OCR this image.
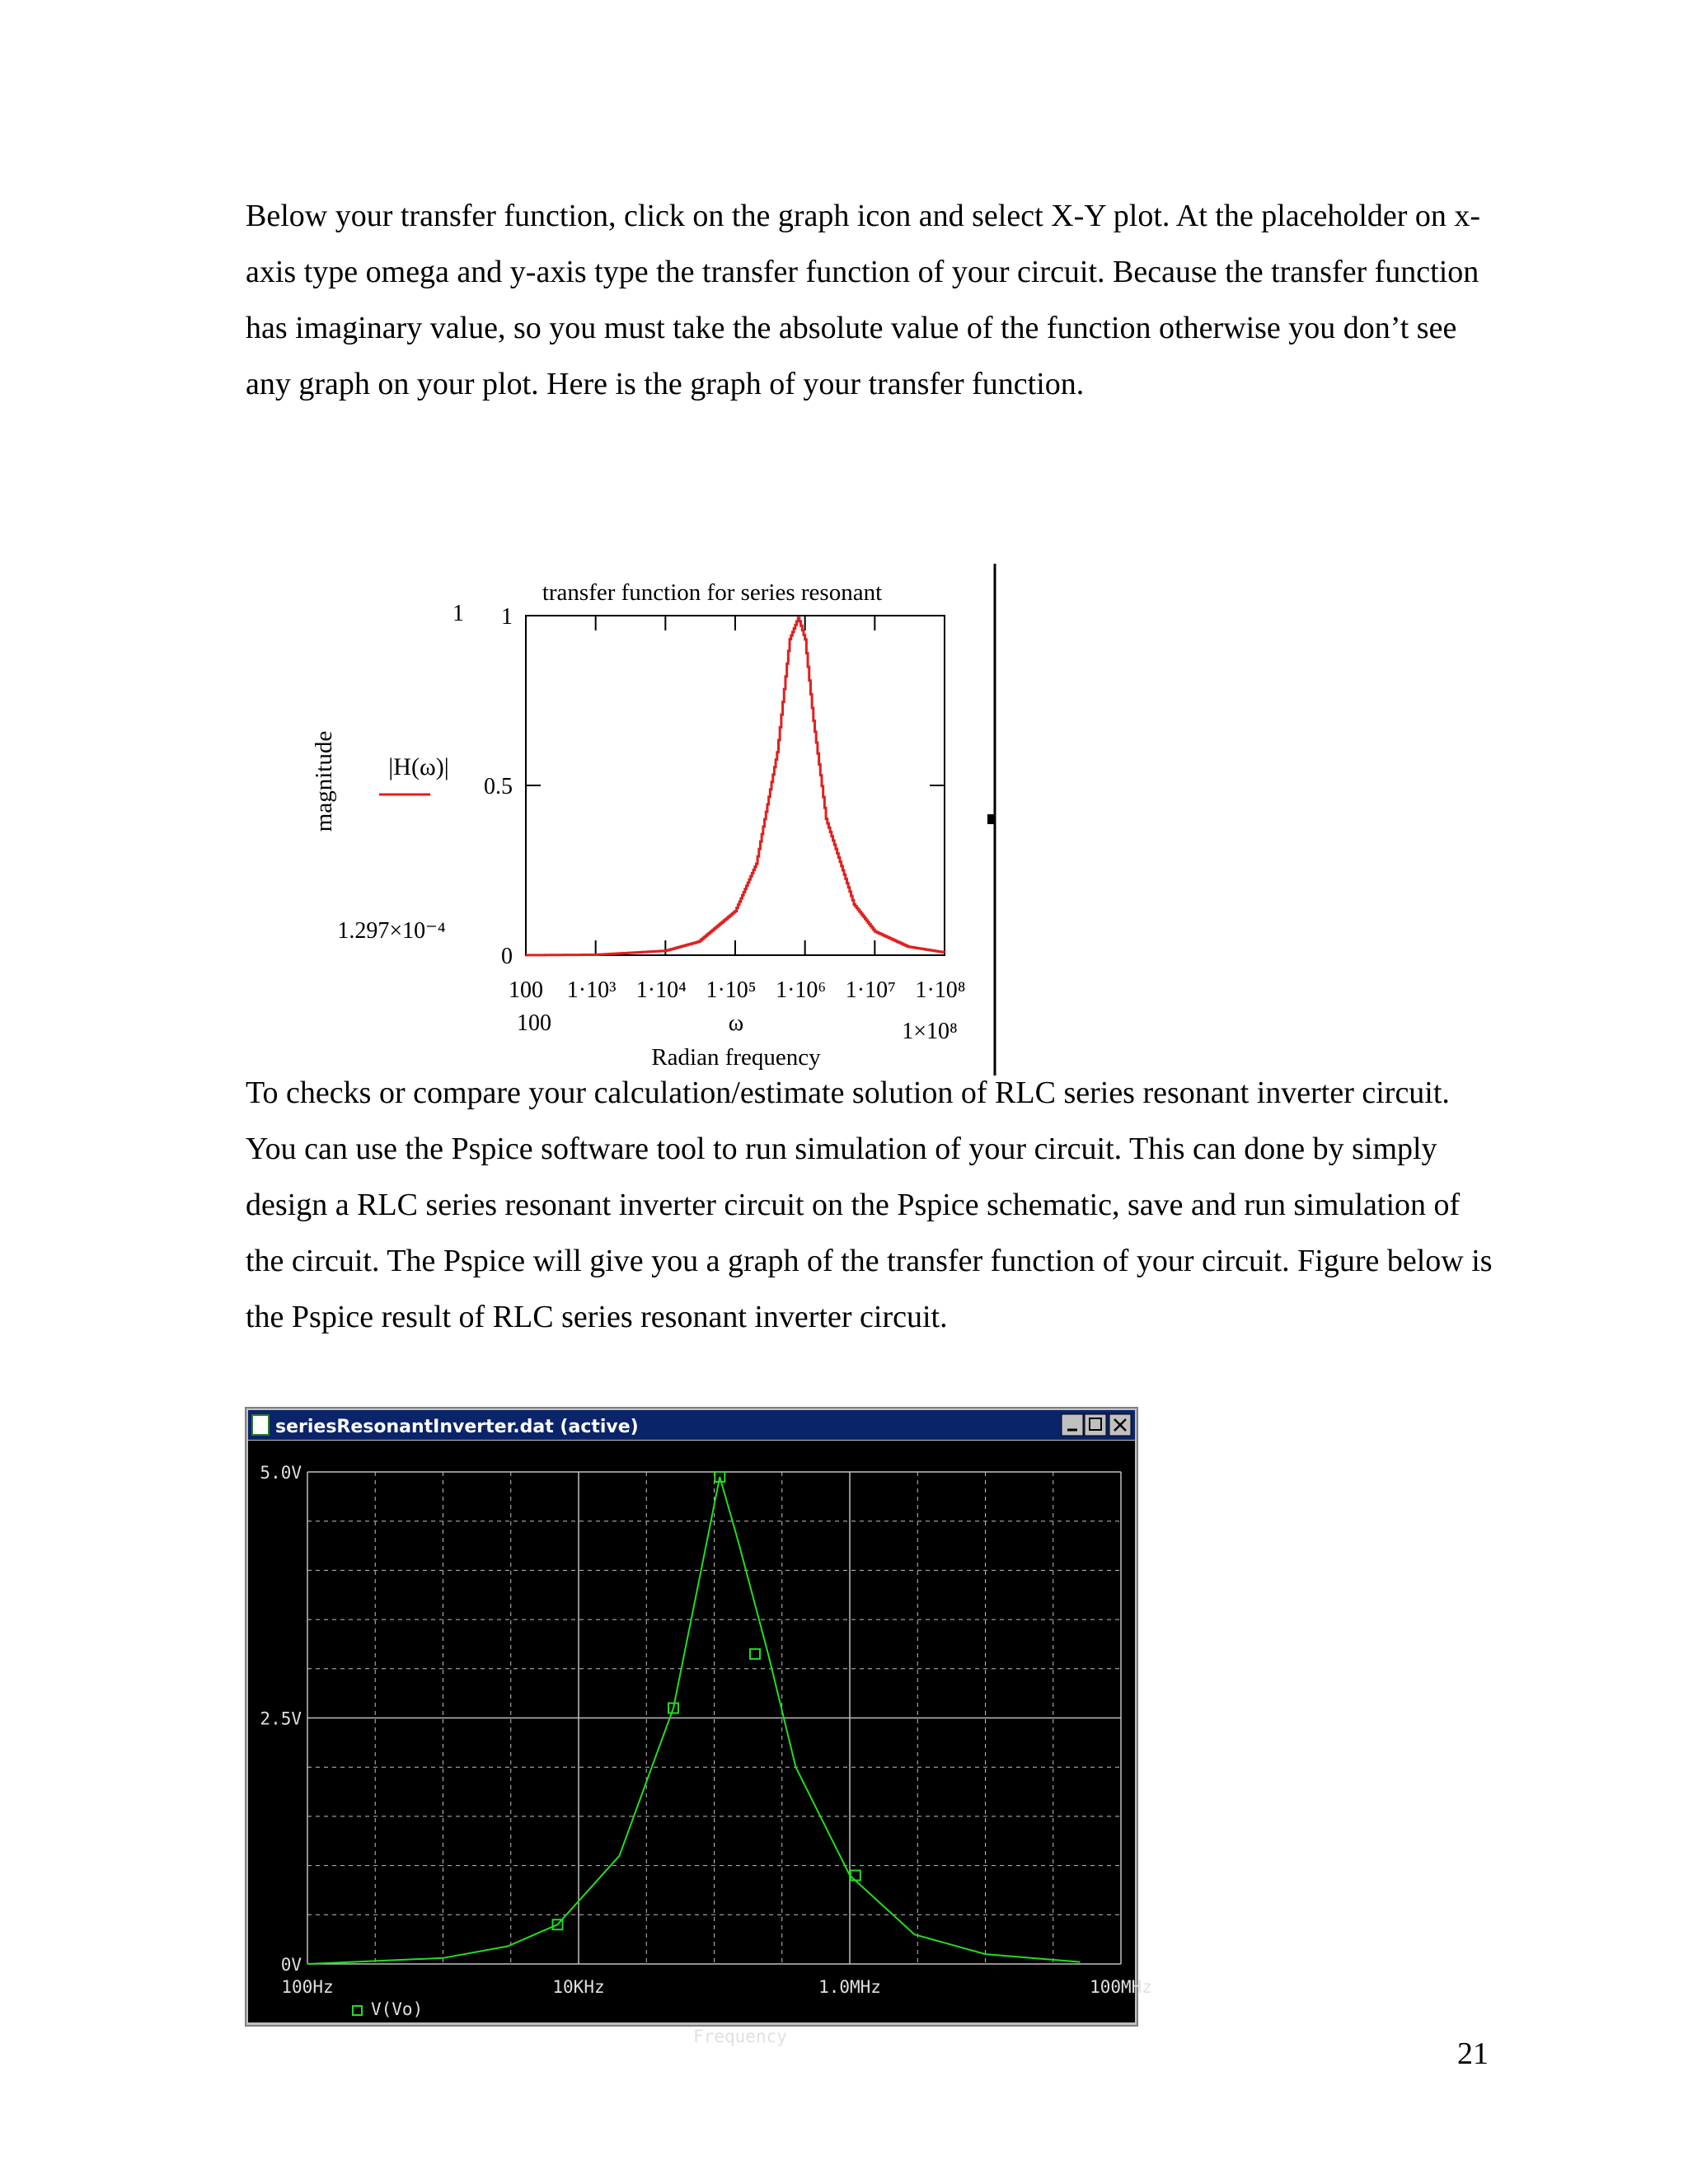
Below your transfer function, click on the graph icon and select X-Y plot. At the placeholder on x-axis type omega and y-axis type the transfer function of your circuit. Because the transfer function has imaginary value, so you must take the absolute value of the function otherwise you don’t see any graph on your plot. Here is the graph of your transfer function.

transfer function for series resonant
magnitude |H(ω)|
1
1.297×10⁻⁴
1
0.5
0
100 1·10³ 1·10⁴ 1·10⁵ 1·10⁶ 1·10⁷ 1·10⁸
100	ω	1×10⁸
Radian frequency

To checks or compare your calculation/estimate solution of RLC series resonant inverter circuit. You can use the Pspice software tool to run simulation of your circuit. This can done by simply design a RLC series resonant inverter circuit on the Pspice schematic, save and run simulation of the circuit. The Pspice will give you a graph of the transfer function of your circuit. Figure below is the Pspice result of RLC series resonant inverter circuit.

seriesResonantInverter.dat (active)
5.0V
2.5V
0V
100Hz	10KHz	1.0MHz	100MHz
V(Vo)
Frequency	21
